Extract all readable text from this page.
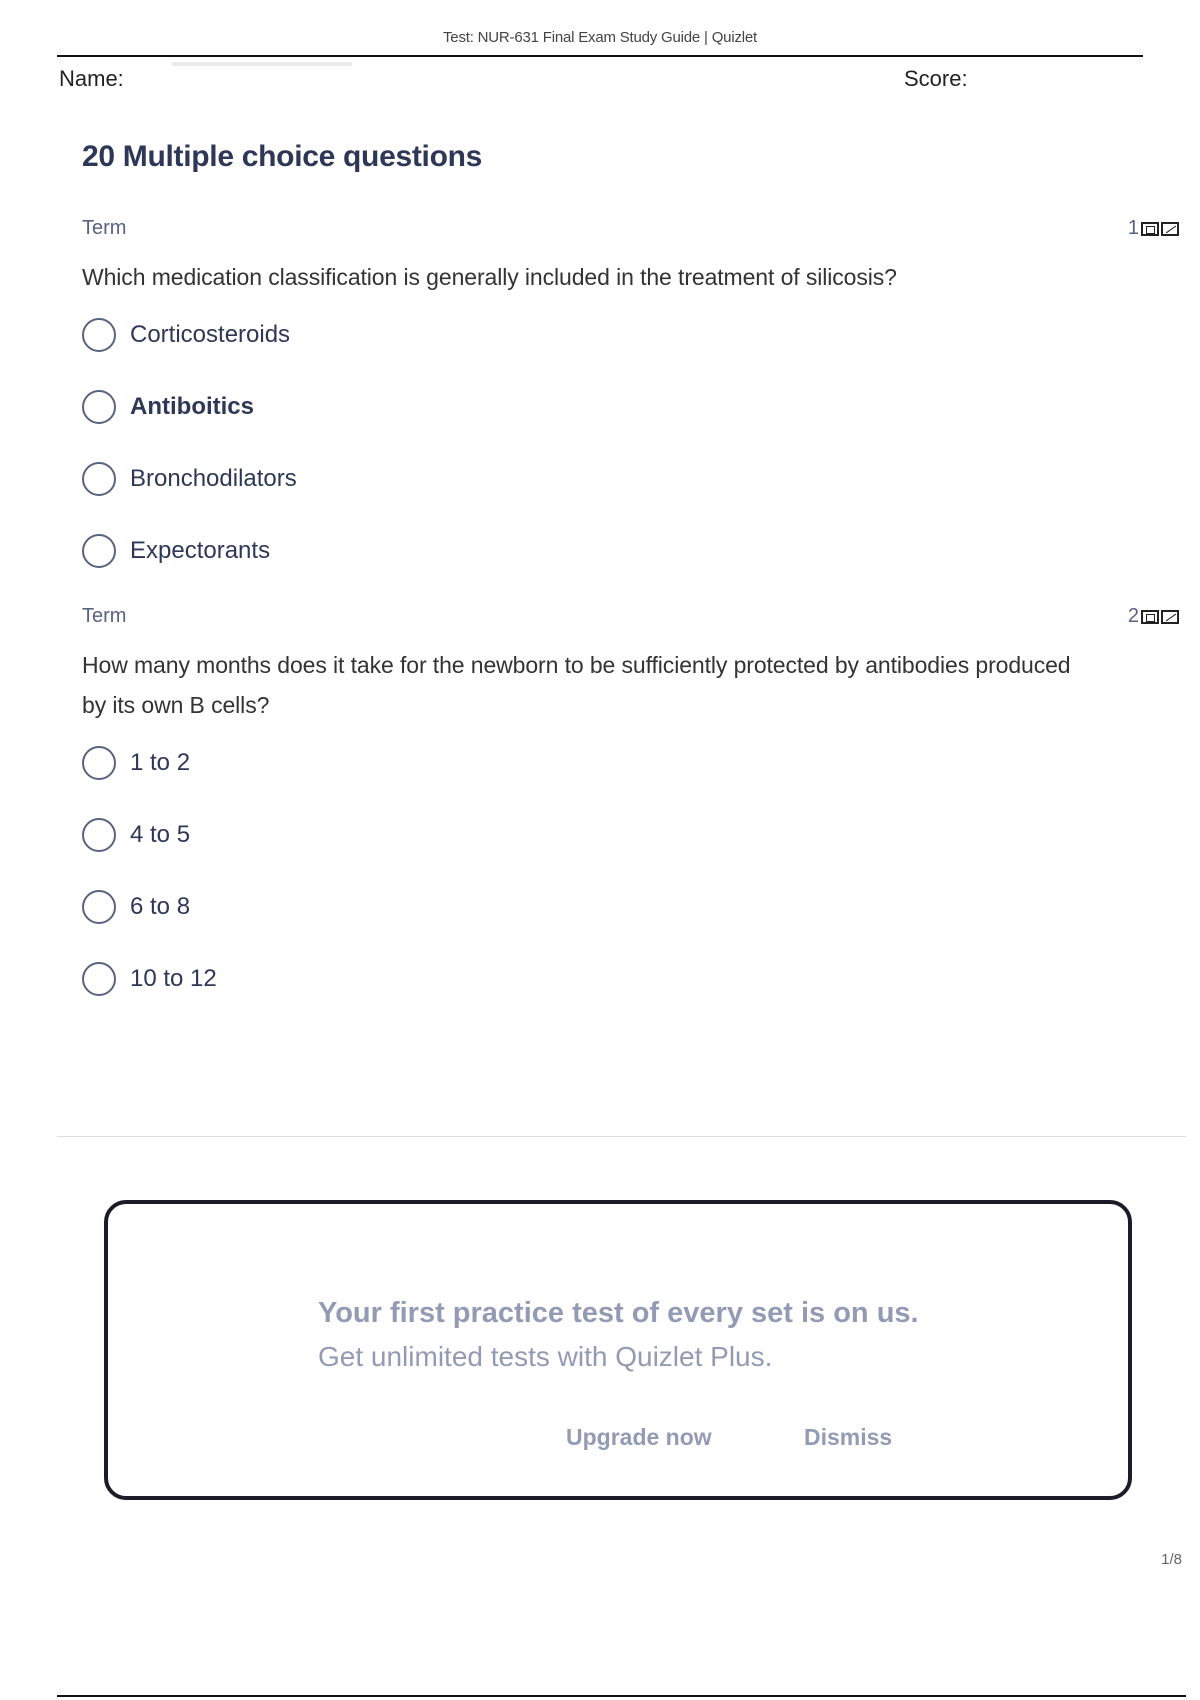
Test: NUR-631 Final Exam Study Guide | Quizlet
Name:	Score:
20 Multiple choice questions
Term	1
Which medication classification is generally included in the treatment of silicosis?
Corticosteroids
Antiboitics
Bronchodilators
Expectorants
Term	2
How many months does it take for the newborn to be sufficiently protected by antibodies produced by its own B cells?
1 to 2
4 to 5
6 to 8
10 to 12
Your first practice test of every set is on us.
Get unlimited tests with Quizlet Plus.
Upgrade now	Dismiss
1/8
